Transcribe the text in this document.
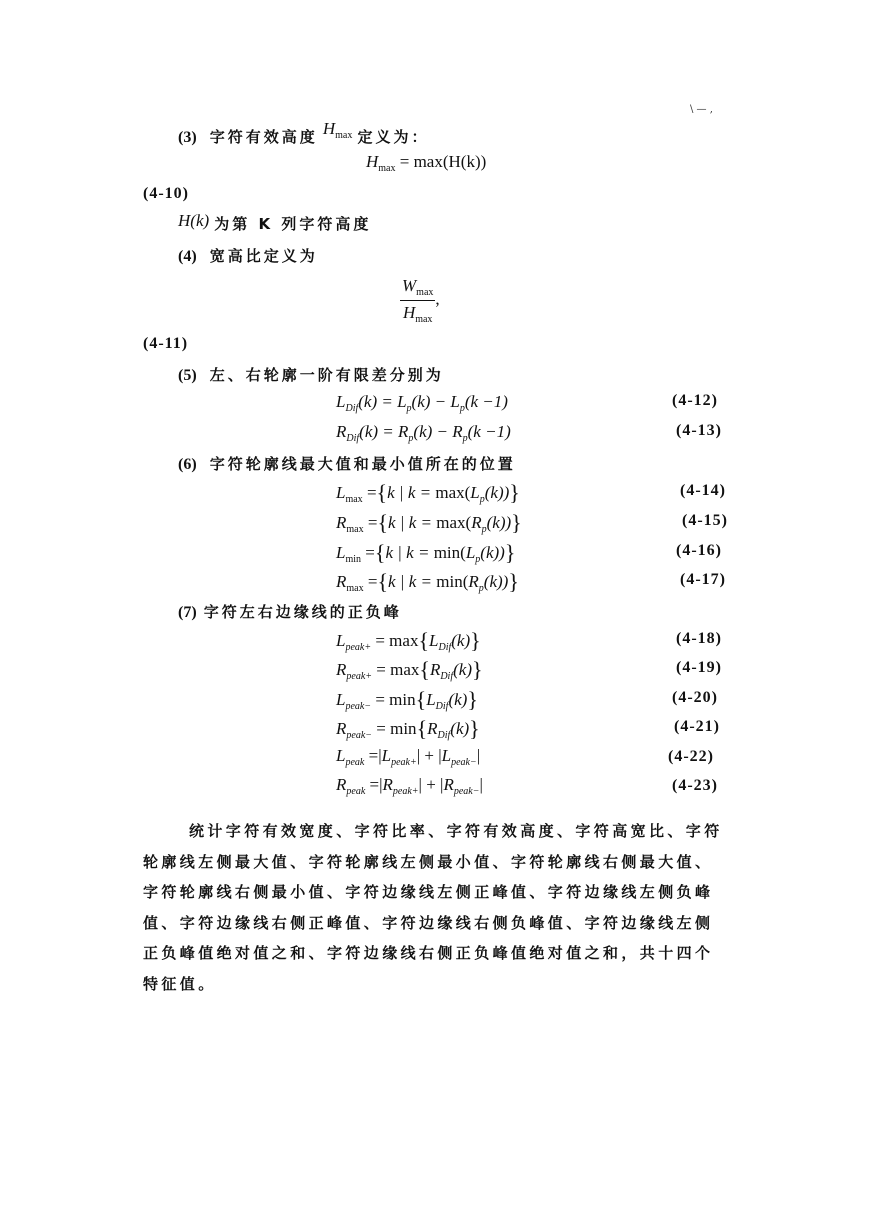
\ — ,
(3) 字符有效高度 $H_{max}$ 定义为：
$H_{max} = \max(H(k))$
(4-10)
H(k) 为第 K 列字符高度
(4) 宽高比定义为
$\frac{W_{max}}{H_{max}}$ ,
(4-11)
(5) 左、右轮廓一阶有限差分别为
$L_{Dif}(k) = L_p(k) - L_p(k -1)$	(4-12)
$R_{Dif}(k) = R_p(k) - R_p(k -1)$	(4-13)
(6) 字符轮廓线最大值和最小值所在的位置
$L_{max} =\{k$ | $k = \max(L_p(k))$}	(4-14)
$R_{max} =\{k$ | $k = \max(R_p(k))$}	(4-15)
$L_{min} =\{k$ | $k = \min(L_p(k))$}	(4-16)
$R_{max} =\{k$ | $k = \min(R_p(k))$}	(4-17)
(7) 字符左右边缘线的正负峰
$L_{peak+} = \max\{L_{Dif}(k)\}$	(4-18)
$R_{peak+} = \max\{R_{Dif}(k)\}$	(4-19)
$L_{peak-} = \min\{L_{Dif}(k)\}$	(4-20)
$R_{peak-} = \min\{R_{Dif}(k)\}$	(4-21)
$L_{peak} =|L_{peak+}| + |L_{peak-}|$	(4-22)
$R_{peak} =|R_{peak+}| + |R_{peak-}|$	(4-23)
统计字符有效宽度、字符比率、字符有效高度、字符高宽比、字符
轮廓线左侧最大值、字符轮廓线左侧最小值、字符轮廓线右侧最大值、
字符轮廓线右侧最小值、字符边缘线左侧正峰值、字符边缘线左侧负峰
值、字符边缘线右侧正峰值、字符边缘线右侧负峰值、字符边缘线左侧
正负峰值绝对值之和、字符边缘线右侧正负峰值绝对值之和，共十四个
特征值。
